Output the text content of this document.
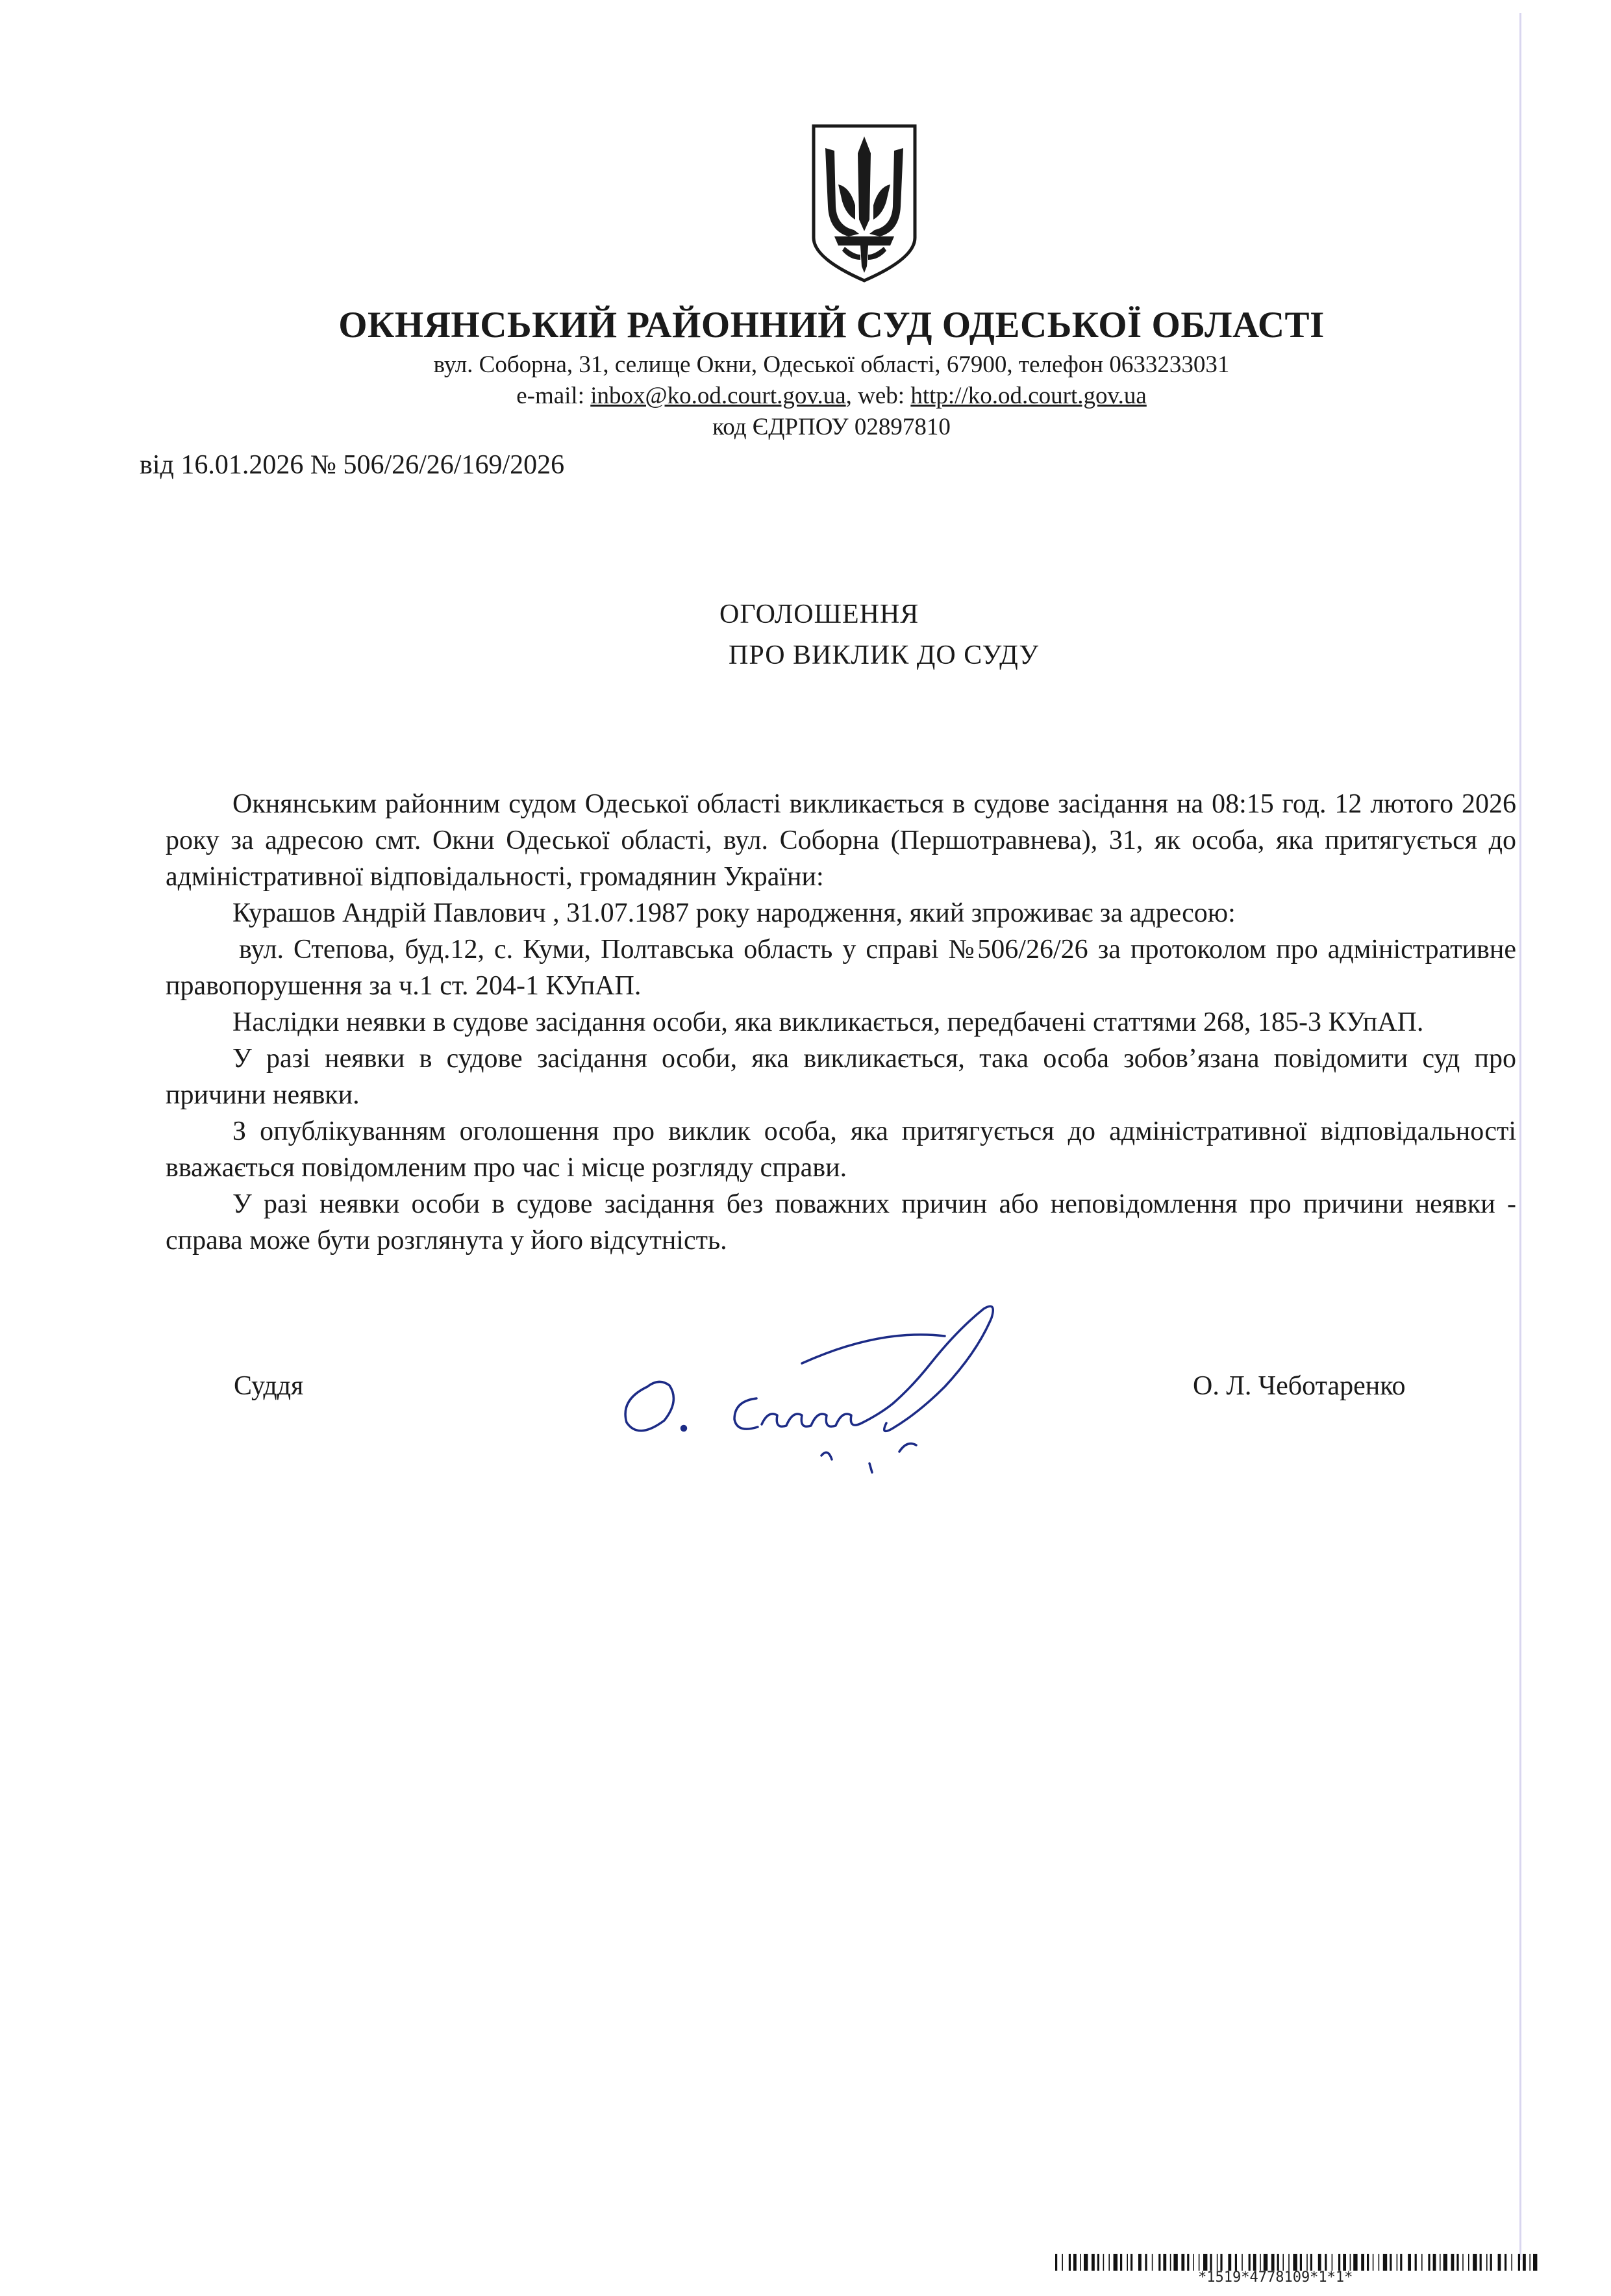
ОКНЯНСЬКИЙ РАЙОННИЙ СУД ОДЕСЬКОЇ ОБЛАСТІ
вул. Соборна, 31, селище Окни, Одеської області, 67900, телефон 0633233031
e-mail: inbox@ko.od.court.gov.ua, web: http://ko.od.court.gov.ua
код ЄДРПОУ 02897810
від 16.01.2026 № 506/26/26/169/2026
ОГОЛОШЕННЯ
ПРО ВИКЛИК ДО СУДУ

Окнянським районним судом Одеської області викликається в судове засідання на 08:15 год. 12 лютого 2026 року за адресою смт. Окни Одеської області, вул. Соборна (Першотравнева), 31, як особа, яка притягується до адміністративної відповідальності, громадянин України:

Курашов Андрій Павлович , 31.07.1987 року народження, який зпроживає за адресою:

вул. Степова, буд.12, с. Куми, Полтавська область у справі №506/26/26 за протоколом про адміністративне правопорушення за ч.1 ст. 204-1 КУпАП.

Наслідки неявки в судове засідання особи, яка викликається, передбачені статтями 268, 185-3 КУпАП.

У разі неявки в судове засідання особи, яка викликається, така особа зобов’язана повідомити суд про причини неявки.

З опублікуванням оголошення про виклик особа, яка притягується до адміністративної відповідальності вважається повідомленим про час і місце розгляду справи.

У разі неявки особи в судове засідання без поважних причин або неповідомлення про причини неявки - справа може бути розглянута у його відсутність.

Суддя	О. Л. Чеботаренко
*1519*4778109*1*1*
